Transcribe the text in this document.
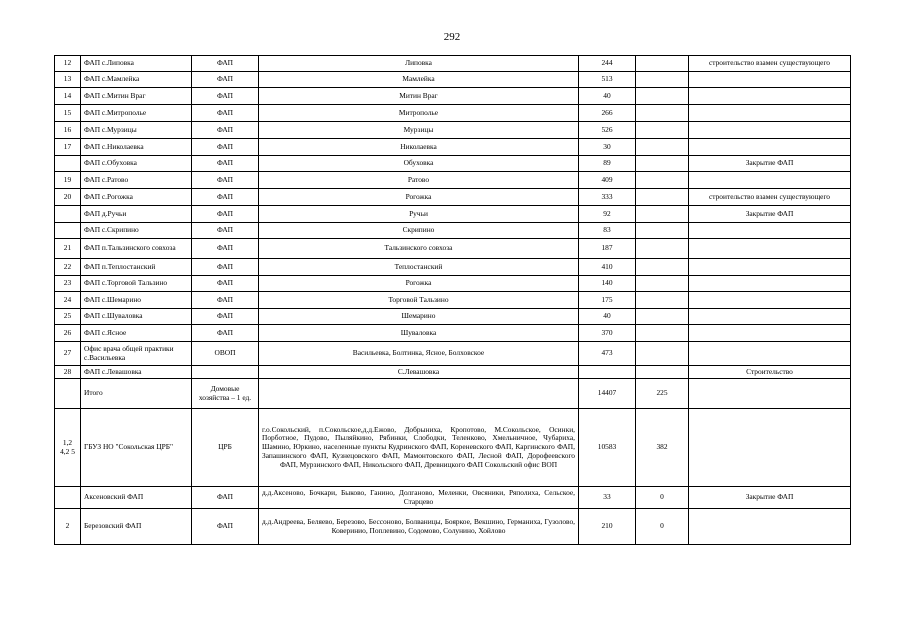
292
12	ФАП с.Липовка	ФАП	Липовка	244		строительство взамен существующего
13	ФАП с.Мамлейка	ФАП	Мамлейка	513		
14	ФАП с.Митин Враг	ФАП	Митин Враг	40		
15	ФАП с.Митрополье	ФАП	Митрополье	266		
16	ФАП с.Мурзицы	ФАП	Мурзицы	526		
17	ФАП с.Николаевка	ФАП	Николаевка	30		
	ФАП с.Обуховка	ФАП	Обуховка	89		Закрытие ФАП
19	ФАП с.Ратово	ФАП	Ратово	409		
20	ФАП с.Рогожка	ФАП	Рогожка	333		строительство взамен существующего
	ФАП д.Ручьи	ФАП	Ручьи	92		Закрытие ФАП
	ФАП с.Скрипино	ФАП	Скрипино	83		
21	ФАП п.Тальзинского совхоза	ФАП	Тальзинского совхоза	187		
22	ФАП п.Теплостанский	ФАП	Теплостанский	410		
23	ФАП с.Торговой Тальзино	ФАП	Рогожка	140		
24	ФАП с.Шемарино	ФАП	Торговой Тальзино	175		
25	ФАП с.Шуваловка	ФАП	Шемарино	40		
26	ФАП с.Ясное	ФАП	Шуваловка	370		
27	Офис врача общей практики с.Васильевка	ОВОП	Васильевка, Болтинка, Ясное, Болховское	473		
28	ФАП с.Левашовка		С.Левашовка			Строительство
	Итого	Домовые хозяйства – 1 ед.		14407	225	
1,2 4,2 5	ГБУЗ НО "Сокольская ЦРБ"	ЦРБ	г.о.Сокольский, п.Сокольское,д.д.Ежово, Добрыниха, Кропотово, М.Сокольское, Осинки, Порботное, Пудово, Пыляйкино, Рябинки, Слободки, Теленково, Хмельничное, Чубариха, Шамино, Юркино, населенные пункты Кудринского ФАП, Кореневского ФАП, Каргинского ФАП, Запашинского ФАП, Кузнецовского ФАП, Мамонтовского ФАП, Лесной ФАП, Дорофеевского ФАП, Мурзинского ФАП, Никольского ФАП, Древницкого ФАП Сокольский офис ВОП	10583	382	
	Аксеновский ФАП	ФАП	д.д.Аксеново, Бочкари, Быково, Ганино, Долганово, Меленки, Овсяники, Ряполиха, Сельское, Старцево	33	0	Закрытие ФАП
2	Березовский ФАП	ФАП	д.д.Андреева, Беляево, Березово, Бессоново, Болваницы, Бояркое, Векшино, Германиха, Гузолово, Коверинио, Поплевино, Содомово, Солунино, Хойлово	210	0	
